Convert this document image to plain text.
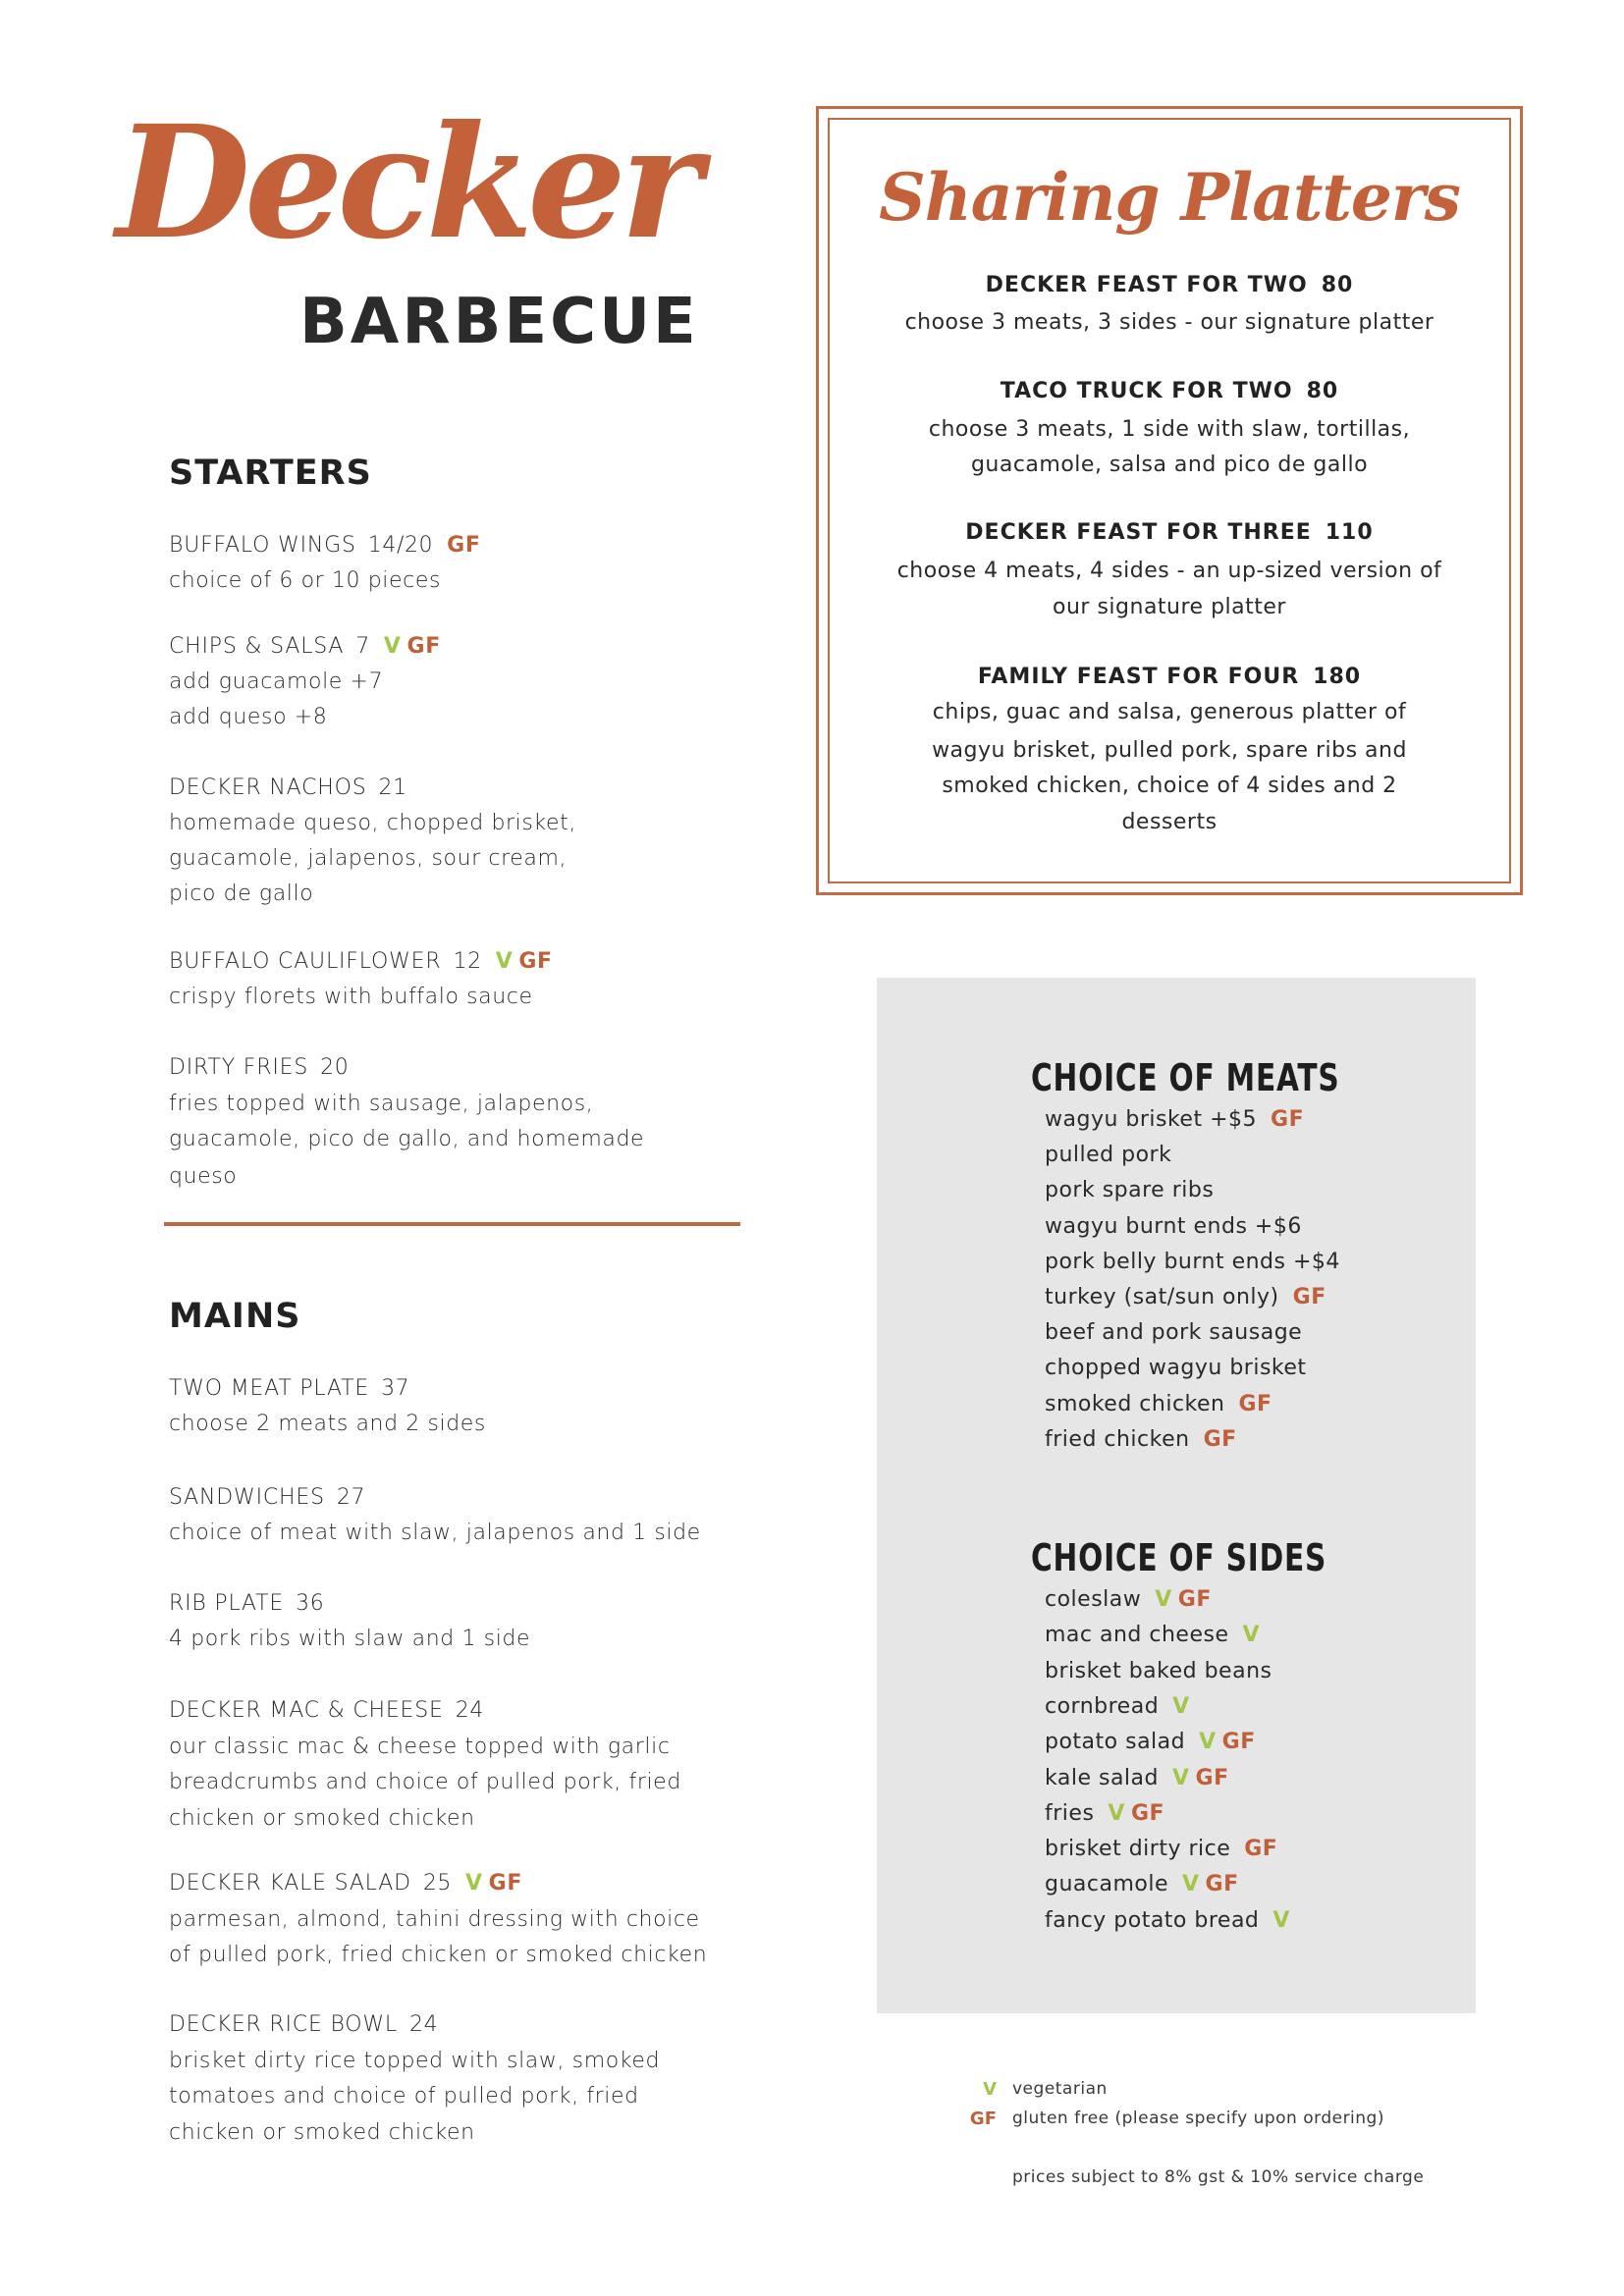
Decker
BARBECUE
STARTERS
BUFFALO WINGS 14/20 GF
choice of 6 or 10 pieces
CHIPS & SALSA 7 V GF
add guacamole +7
add queso +8
DECKER NACHOS 21
homemade queso, chopped brisket,
guacamole, jalapenos, sour cream,
pico de gallo
BUFFALO CAULIFLOWER 12 V GF
crispy florets with buffalo sauce
DIRTY FRIES 20
fries topped with sausage, jalapenos,
guacamole, pico de gallo, and homemade
queso
MAINS
TWO MEAT PLATE 37
choose 2 meats and 2 sides
SANDWICHES 27
choice of meat with slaw, jalapenos and 1 side
RIB PLATE 36
4 pork ribs with slaw and 1 side
DECKER MAC & CHEESE 24
our classic mac & cheese topped with garlic
breadcrumbs and choice of pulled pork, fried
chicken or smoked chicken
DECKER KALE SALAD 25 V GF
parmesan, almond, tahini dressing with choice
of pulled pork, fried chicken or smoked chicken
DECKER RICE BOWL 24
brisket dirty rice topped with slaw, smoked
tomatoes and choice of pulled pork, fried
chicken or smoked chicken
Sharing Platters
DECKER FEAST FOR TWO 80
choose 3 meats, 3 sides - our signature platter
TACO TRUCK FOR TWO 80
choose 3 meats, 1 side with slaw, tortillas,
guacamole, salsa and pico de gallo
DECKER FEAST FOR THREE 110
choose 4 meats, 4 sides - an up-sized version of
our signature platter
FAMILY FEAST FOR FOUR 180
chips, guac and salsa, generous platter of
wagyu brisket, pulled pork, spare ribs and
smoked chicken, choice of 4 sides and 2
desserts
CHOICE OF MEATS
wagyu brisket +$5 GF
pulled pork
pork spare ribs
wagyu burnt ends +$6
pork belly burnt ends +$4
turkey (sat/sun only) GF
beef and pork sausage
chopped wagyu brisket
smoked chicken GF
fried chicken GF
CHOICE OF SIDES
coleslaw V GF
mac and cheese V
brisket baked beans
cornbread V
potato salad V GF
kale salad V GF
fries V GF
brisket dirty rice GF
guacamole V GF
fancy potato bread V
V vegetarian
GF gluten free (please specify upon ordering)
prices subject to 8% gst & 10% service charge
